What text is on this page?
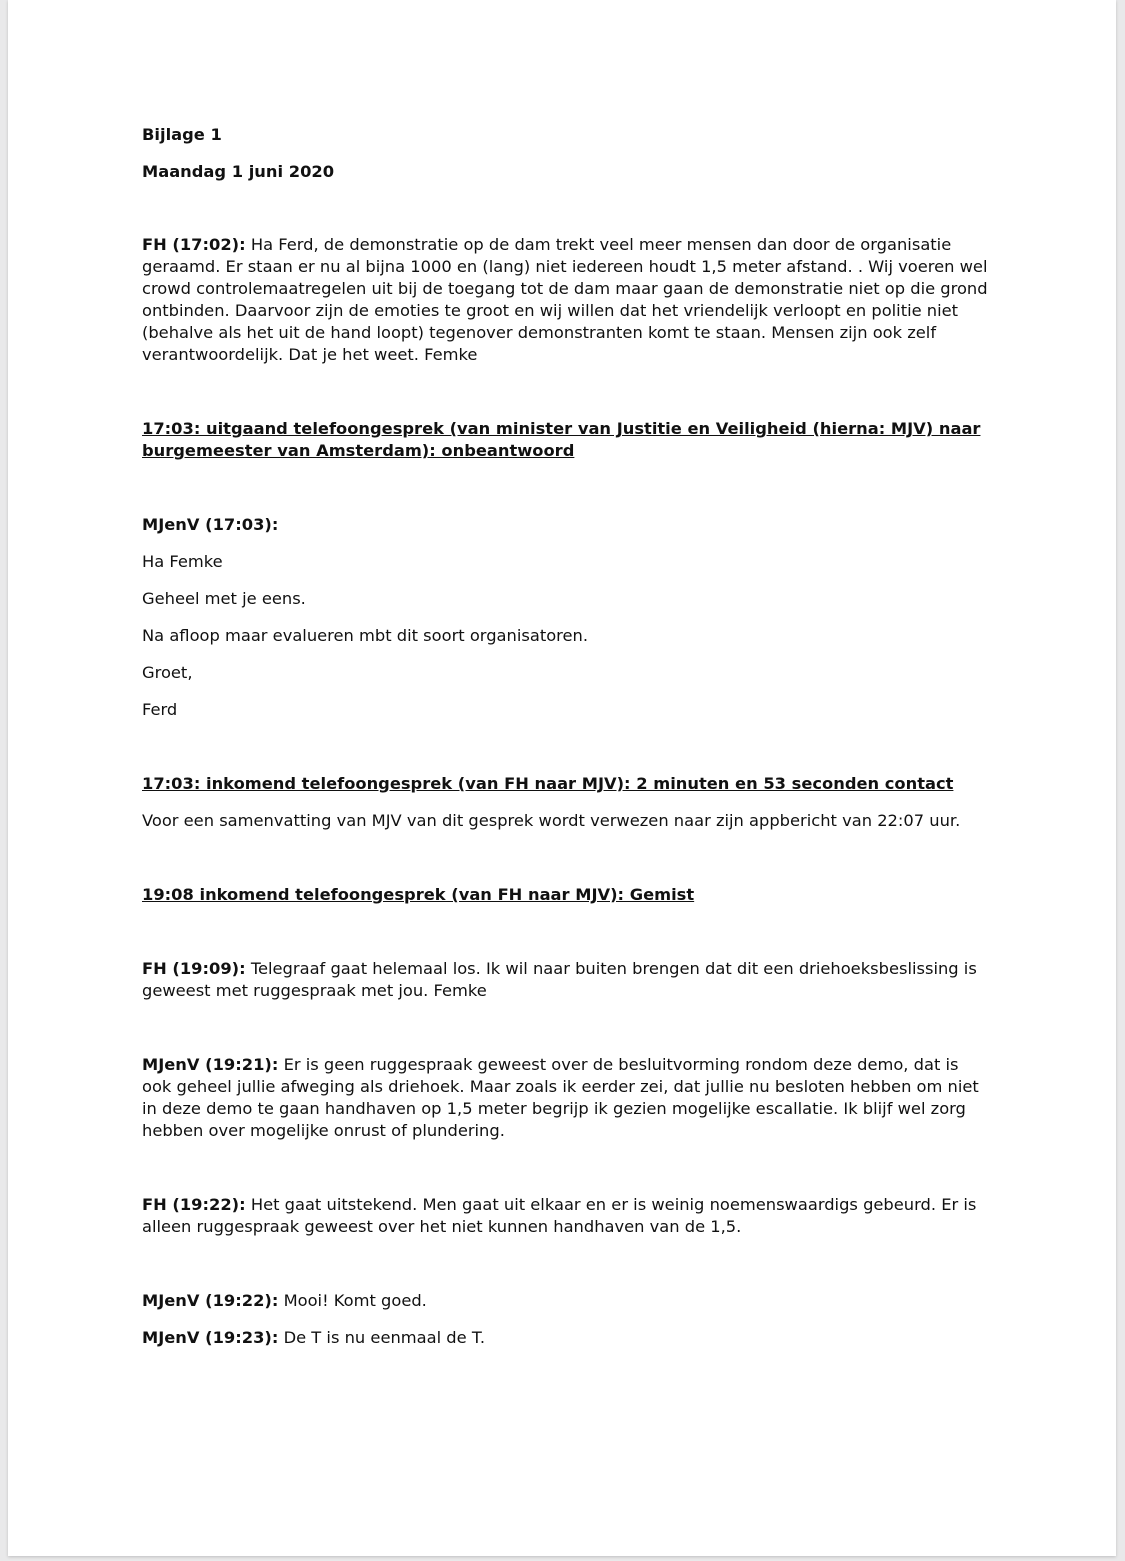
Bijlage 1

Maandag 1 juni 2020

FH (17:02): Ha Ferd, de demonstratie op de dam trekt veel meer mensen dan door de organisatie geraamd. Er staan er nu al bijna 1000 en (lang) niet iedereen houdt 1,5 meter afstand. . Wij voeren wel crowd controlemaatregelen uit bij de toegang tot de dam maar gaan de demonstratie niet op die grond ontbinden. Daarvoor zijn de emoties te groot en wij willen dat het vriendelijk verloopt en politie niet (behalve als het uit de hand loopt) tegenover demonstranten komt te staan. Mensen zijn ook zelf verantwoordelijk. Dat je het weet. Femke

17:03: uitgaand telefoongesprek (van minister van Justitie en Veiligheid (hierna: MJV) naar burgemeester van Amsterdam): onbeantwoord

MJenV (17:03):

Ha Femke

Geheel met je eens.

Na afloop maar evalueren mbt dit soort organisatoren.

Groet,

Ferd

17:03: inkomend telefoongesprek (van FH naar MJV): 2 minuten en 53 seconden contact

Voor een samenvatting van MJV van dit gesprek wordt verwezen naar zijn appbericht van 22:07 uur.

19:08 inkomend telefoongesprek (van FH naar MJV): Gemist

FH (19:09): Telegraaf gaat helemaal los. Ik wil naar buiten brengen dat dit een driehoeksbeslissing is geweest met ruggespraak met jou. Femke

MJenV (19:21): Er is geen ruggespraak geweest over de besluitvorming rondom deze demo, dat is ook geheel jullie afweging als driehoek. Maar zoals ik eerder zei, dat jullie nu besloten hebben om niet in deze demo te gaan handhaven op 1,5 meter begrijp ik gezien mogelijke escallatie. Ik blijf wel zorg hebben over mogelijke onrust of plundering.

FH (19:22): Het gaat uitstekend. Men gaat uit elkaar en er is weinig noemenswaardigs gebeurd. Er is alleen ruggespraak geweest over het niet kunnen handhaven van de 1,5.

MJenV (19:22): Mooi! Komt goed.

MJenV (19:23): De T is nu eenmaal de T.
